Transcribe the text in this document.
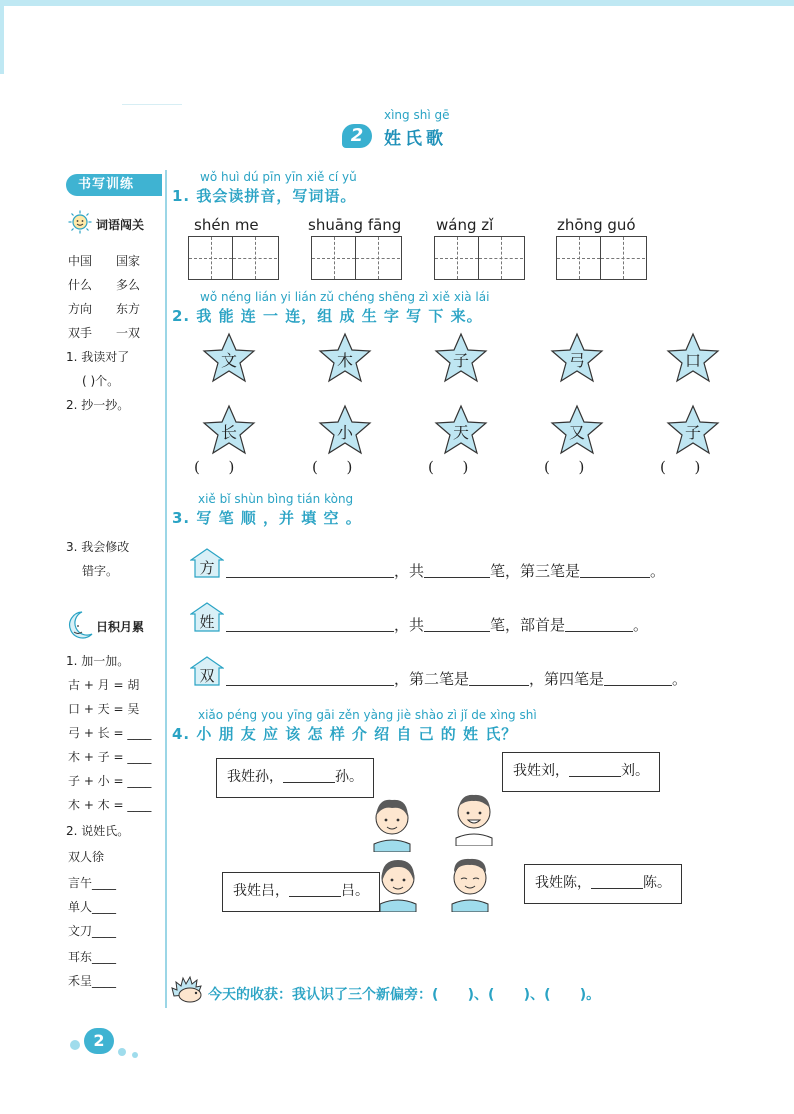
xìng shì gē
2	姓氏歌
书写训练
词语闯关
中国 国家
什么 多么
方向 东方
双手 一双
1. 我读对了
( )个。
2. 抄一抄。
3. 我会修改
错字。
日积月累
1. 加一加。
古 + 月 = 胡
口 + 天 = 吴
弓 + 长 = ____
木 + 子 = ____
子 + 小 = ____
木 + 木 = ____
2. 说姓氏。
双人徐
言午____
单人____
文刀____
耳东____
禾呈____
wǒ huì dú pīn yīn xiě cí yǔ
1. 我会读拼音，写词语。
shén me	shuāng fāng wáng zǐ	zhōng guó
wǒ néng lián yi lián zǔ chéng shēng zì xiě xià lái
2. 我 能 连 一 连，组 成 生 字 写 下 来。
文	木	子	弓	口
长	小	天	又	子
(      )	(      )	(      )	(      )	(      )
xiě bǐ shùn bìng tián kòng
3. 写 笔 顺 ，并 填 空 。
方	，共	笔，第三笔是	。
姓	，共	笔，部首是	。
双	，第二笔是	，第四笔是	。
xiǎo péng you yīng gāi zěn yàng jiè shào zì jǐ de xìng shì
4. 小 朋 友 应 该 怎 样 介 绍 自 己 的 姓 氏？
我姓孙，	孙。	我姓刘，	刘。
我姓吕，	吕。	我姓陈，	陈。
今天的收获：我认识了三个新偏旁：(      )、(      )、(      )。
2
